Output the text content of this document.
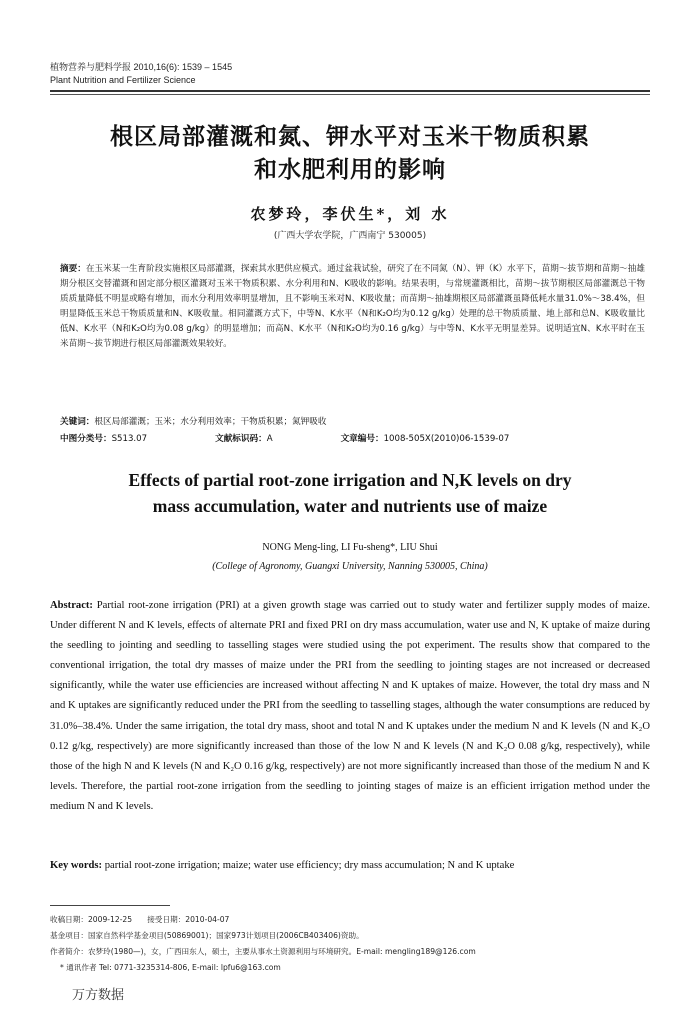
植物营养与肥料学报 2010,16(6): 1539 – 1545
Plant Nutrition and Fertilizer Science
根区局部灌溉和氮、钾水平对玉米干物质积累
和水肥利用的影响
农梦玲，李伏生*，刘 水
(广西大学农学院，广西南宁 530005)
摘要：在玉米某一生育阶段实施根区局部灌溉，探索其水肥供应模式。通过盆栽试验，研究了在不同氮（N）、钾（K）水平下，苗期～拔节期和苗期～抽雄期分根区交替灌溉和固定部分根区灌溉对玉米干物质积累、水分利用和N、K吸收的影响。结果表明，与常规灌溉相比，苗期～拔节期根区局部灌溉总干物质质量降低不明显或略有增加，而水分利用效率明显增加，且不影响玉米对N、K吸收量；而苗期～抽雄期根区局部灌溉虽降低耗水量31.0%～38.4%，但明显降低玉米总干物质质量和N、K吸收量。相同灌溉方式下，中等N、K水平（N和K₂O均为0.12 g/kg）处理的总干物质质量、地上部和总N、K吸收量比低N、K水平（N和K₂O均为0.08 g/kg）的明显增加；而高N、K水平（N和K₂O均为0.16 g/kg）与中等N、K水平无明显差异。说明适宜N、K水平时在玉米苗期～拔节期进行根区局部灌溉效果较好。
关键词：根区局部灌溉；玉米；水分利用效率；干物质积累；氮钾吸收
中图分类号：S513.07	文献标识码：A	文章编号：1008-505X(2010)06-1539-07
Effects of partial root-zone irrigation and N,K levels on dry
mass accumulation, water and nutrients use of maize
NONG Meng-ling, LI Fu-sheng*, LIU Shui
(College of Agronomy, Guangxi University, Nanning 530005, China)
Abstract: Partial root-zone irrigation (PRI) at a given growth stage was carried out to study water and fertilizer supply modes of maize. Under different N and K levels, effects of alternate PRI and fixed PRI on dry mass accumulation, water use and N, K uptake of maize during the seedling to jointing and seedling to tasselling stages were studied using the pot experiment. The results show that compared to the conventional irrigation, the total dry masses of maize under the PRI from the seedling to jointing stages are not increased or decreased significantly, while the water use efficiencies are increased without affecting N and K uptakes of maize. However, the total dry mass and N and K uptakes are significantly reduced under the PRI from the seedling to tasselling stages, although the water consumptions are reduced by 31.0%–38.4%. Under the same irrigation, the total dry mass, shoot and total N and K uptakes under the medium N and K levels (N and K₂O 0.12 g/kg, respectively) are more significantly increased than those of the low N and K levels (N and K₂O 0.08 g/kg, respectively), while those of the high N and K levels (N and K₂O 0.16 g/kg, respectively) are not more significantly increased than those of the medium N and K levels. Therefore, the partial root-zone irrigation from the seedling to jointing stages of maize is an efficient irrigation method under the medium N and K levels.
Key words: partial root-zone irrigation; maize; water use efficiency; dry mass accumulation; N and K uptake
收稿日期：2009-12-25　　接受日期：2010-04-07
基金项目：国家自然科学基金项目(50869001)；国家973计划项目(2006CB403406)资助。
作者简介：农梦玲(1980—)，女，广西田东人，硕士，主要从事水土资源利用与环境研究。E-mail: mengling189@126.com
* 通讯作者 Tel: 0771-3235314-806, E-mail: lpfu6@163.com
万方数据
